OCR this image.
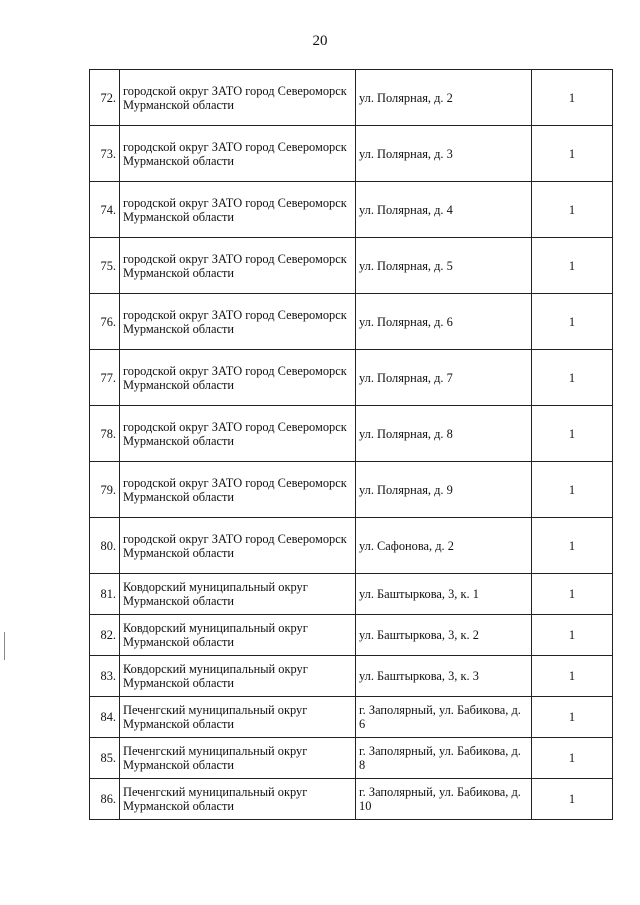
20
72.	городской округ ЗАТО город Североморск Мурманской области	ул. Полярная, д. 2	1
73.	городской округ ЗАТО город Североморск Мурманской области	ул. Полярная, д. 3	1
74.	городской округ ЗАТО город Североморск Мурманской области	ул. Полярная, д. 4	1
75.	городской округ ЗАТО город Североморск Мурманской области	ул. Полярная, д. 5	1
76.	городской округ ЗАТО город Североморск Мурманской области	ул. Полярная, д. 6	1
77.	городской округ ЗАТО город Североморск Мурманской области	ул. Полярная, д. 7	1
78.	городской округ ЗАТО город Североморск Мурманской области	ул. Полярная, д. 8	1
79.	городской округ ЗАТО город Североморск Мурманской области	ул. Полярная, д. 9	1
80.	городской округ ЗАТО город Североморск Мурманской области	ул. Сафонова, д. 2	1
81.	Ковдорский муниципальный округ Мурманской области	ул. Баштыркова, 3, к. 1	1
82.	Ковдорский муниципальный округ Мурманской области	ул. Баштыркова, 3, к. 2	1
83.	Ковдорский муниципальный округ Мурманской области	ул. Баштыркова, 3, к. 3	1
84.	Печенгский муниципальный округ Мурманской области	г. Заполярный, ул. Бабикова, д. 6	1
85.	Печенгский муниципальный округ Мурманской области	г. Заполярный, ул. Бабикова, д. 8	1
86.	Печенгский муниципальный округ Мурманской области	г. Заполярный, ул. Бабикова, д. 10	1
